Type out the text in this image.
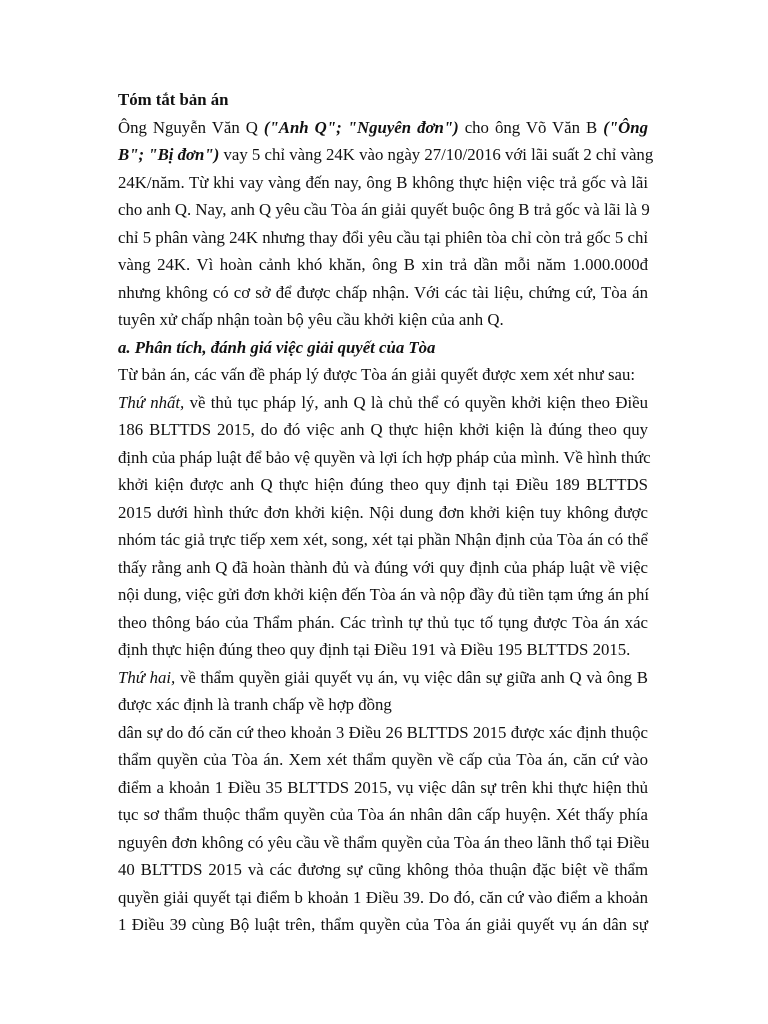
Tóm tắt bản án
Ông Nguyễn Văn Q ("Anh Q"; "Nguyên đơn") cho ông Võ Văn B ("Ông
B"; "Bị đơn") vay 5 chỉ vàng 24K vào ngày 27/10/2016 với lãi suất 2 chỉ vàng
24K/năm. Từ khi vay vàng đến nay, ông B không thực hiện việc trả gốc và lãi
cho anh Q. Nay, anh Q yêu cầu Tòa án giải quyết buộc ông B trả gốc và lãi là 9
chỉ 5 phân vàng 24K nhưng thay đổi yêu cầu tại phiên tòa chỉ còn trả gốc 5 chỉ
vàng 24K. Vì hoàn cảnh khó khăn, ông B xin trả dần mỗi năm 1.000.000đ
nhưng không có cơ sở để được chấp nhận. Với các tài liệu, chứng cứ, Tòa án
tuyên xử chấp nhận toàn bộ yêu cầu khởi kiện của anh Q.
a. Phân tích, đánh giá việc giải quyết của Tòa
Từ bản án, các vấn đề pháp lý được Tòa án giải quyết được xem xét như sau:
Thứ nhất, về thủ tục pháp lý, anh Q là chủ thể có quyền khởi kiện theo Điều
186 BLTTDS 2015, do đó việc anh Q thực hiện khởi kiện là đúng theo quy
định của pháp luật để bảo vệ quyền và lợi ích hợp pháp của mình. Về hình thức
khởi kiện được anh Q thực hiện đúng theo quy định tại Điều 189 BLTTDS
2015 dưới hình thức đơn khởi kiện. Nội dung đơn khởi kiện tuy không được
nhóm tác giả trực tiếp xem xét, song, xét tại phần Nhận định của Tòa án có thể
thấy rằng anh Q đã hoàn thành đủ và đúng với quy định của pháp luật về việc
nội dung, việc gửi đơn khởi kiện đến Tòa án và nộp đầy đủ tiền tạm ứng án phí
theo thông báo của Thẩm phán. Các trình tự thủ tục tố tụng được Tòa án xác
định thực hiện đúng theo quy định tại Điều 191 và Điều 195 BLTTDS 2015.
Thứ hai, về thẩm quyền giải quyết vụ án, vụ việc dân sự giữa anh Q và ông B
được xác định là tranh chấp về hợp đồng
dân sự do đó căn cứ theo khoản 3 Điều 26 BLTTDS 2015 được xác định thuộc
thẩm quyền của Tòa án. Xem xét thẩm quyền về cấp của Tòa án, căn cứ vào
điểm a khoản 1 Điều 35 BLTTDS 2015, vụ việc dân sự trên khi thực hiện thủ
tục sơ thẩm thuộc thẩm quyền của Tòa án nhân dân cấp huyện. Xét thấy phía
nguyên đơn không có yêu cầu về thẩm quyền của Tòa án theo lãnh thổ tại Điều
40 BLTTDS 2015 và các đương sự cũng không thỏa thuận đặc biệt về thẩm
quyền giải quyết tại điểm b khoản 1 Điều 39. Do đó, căn cứ vào điểm a khoản
1 Điều 39 cùng Bộ luật trên, thẩm quyền của Tòa án giải quyết vụ án dân sự
